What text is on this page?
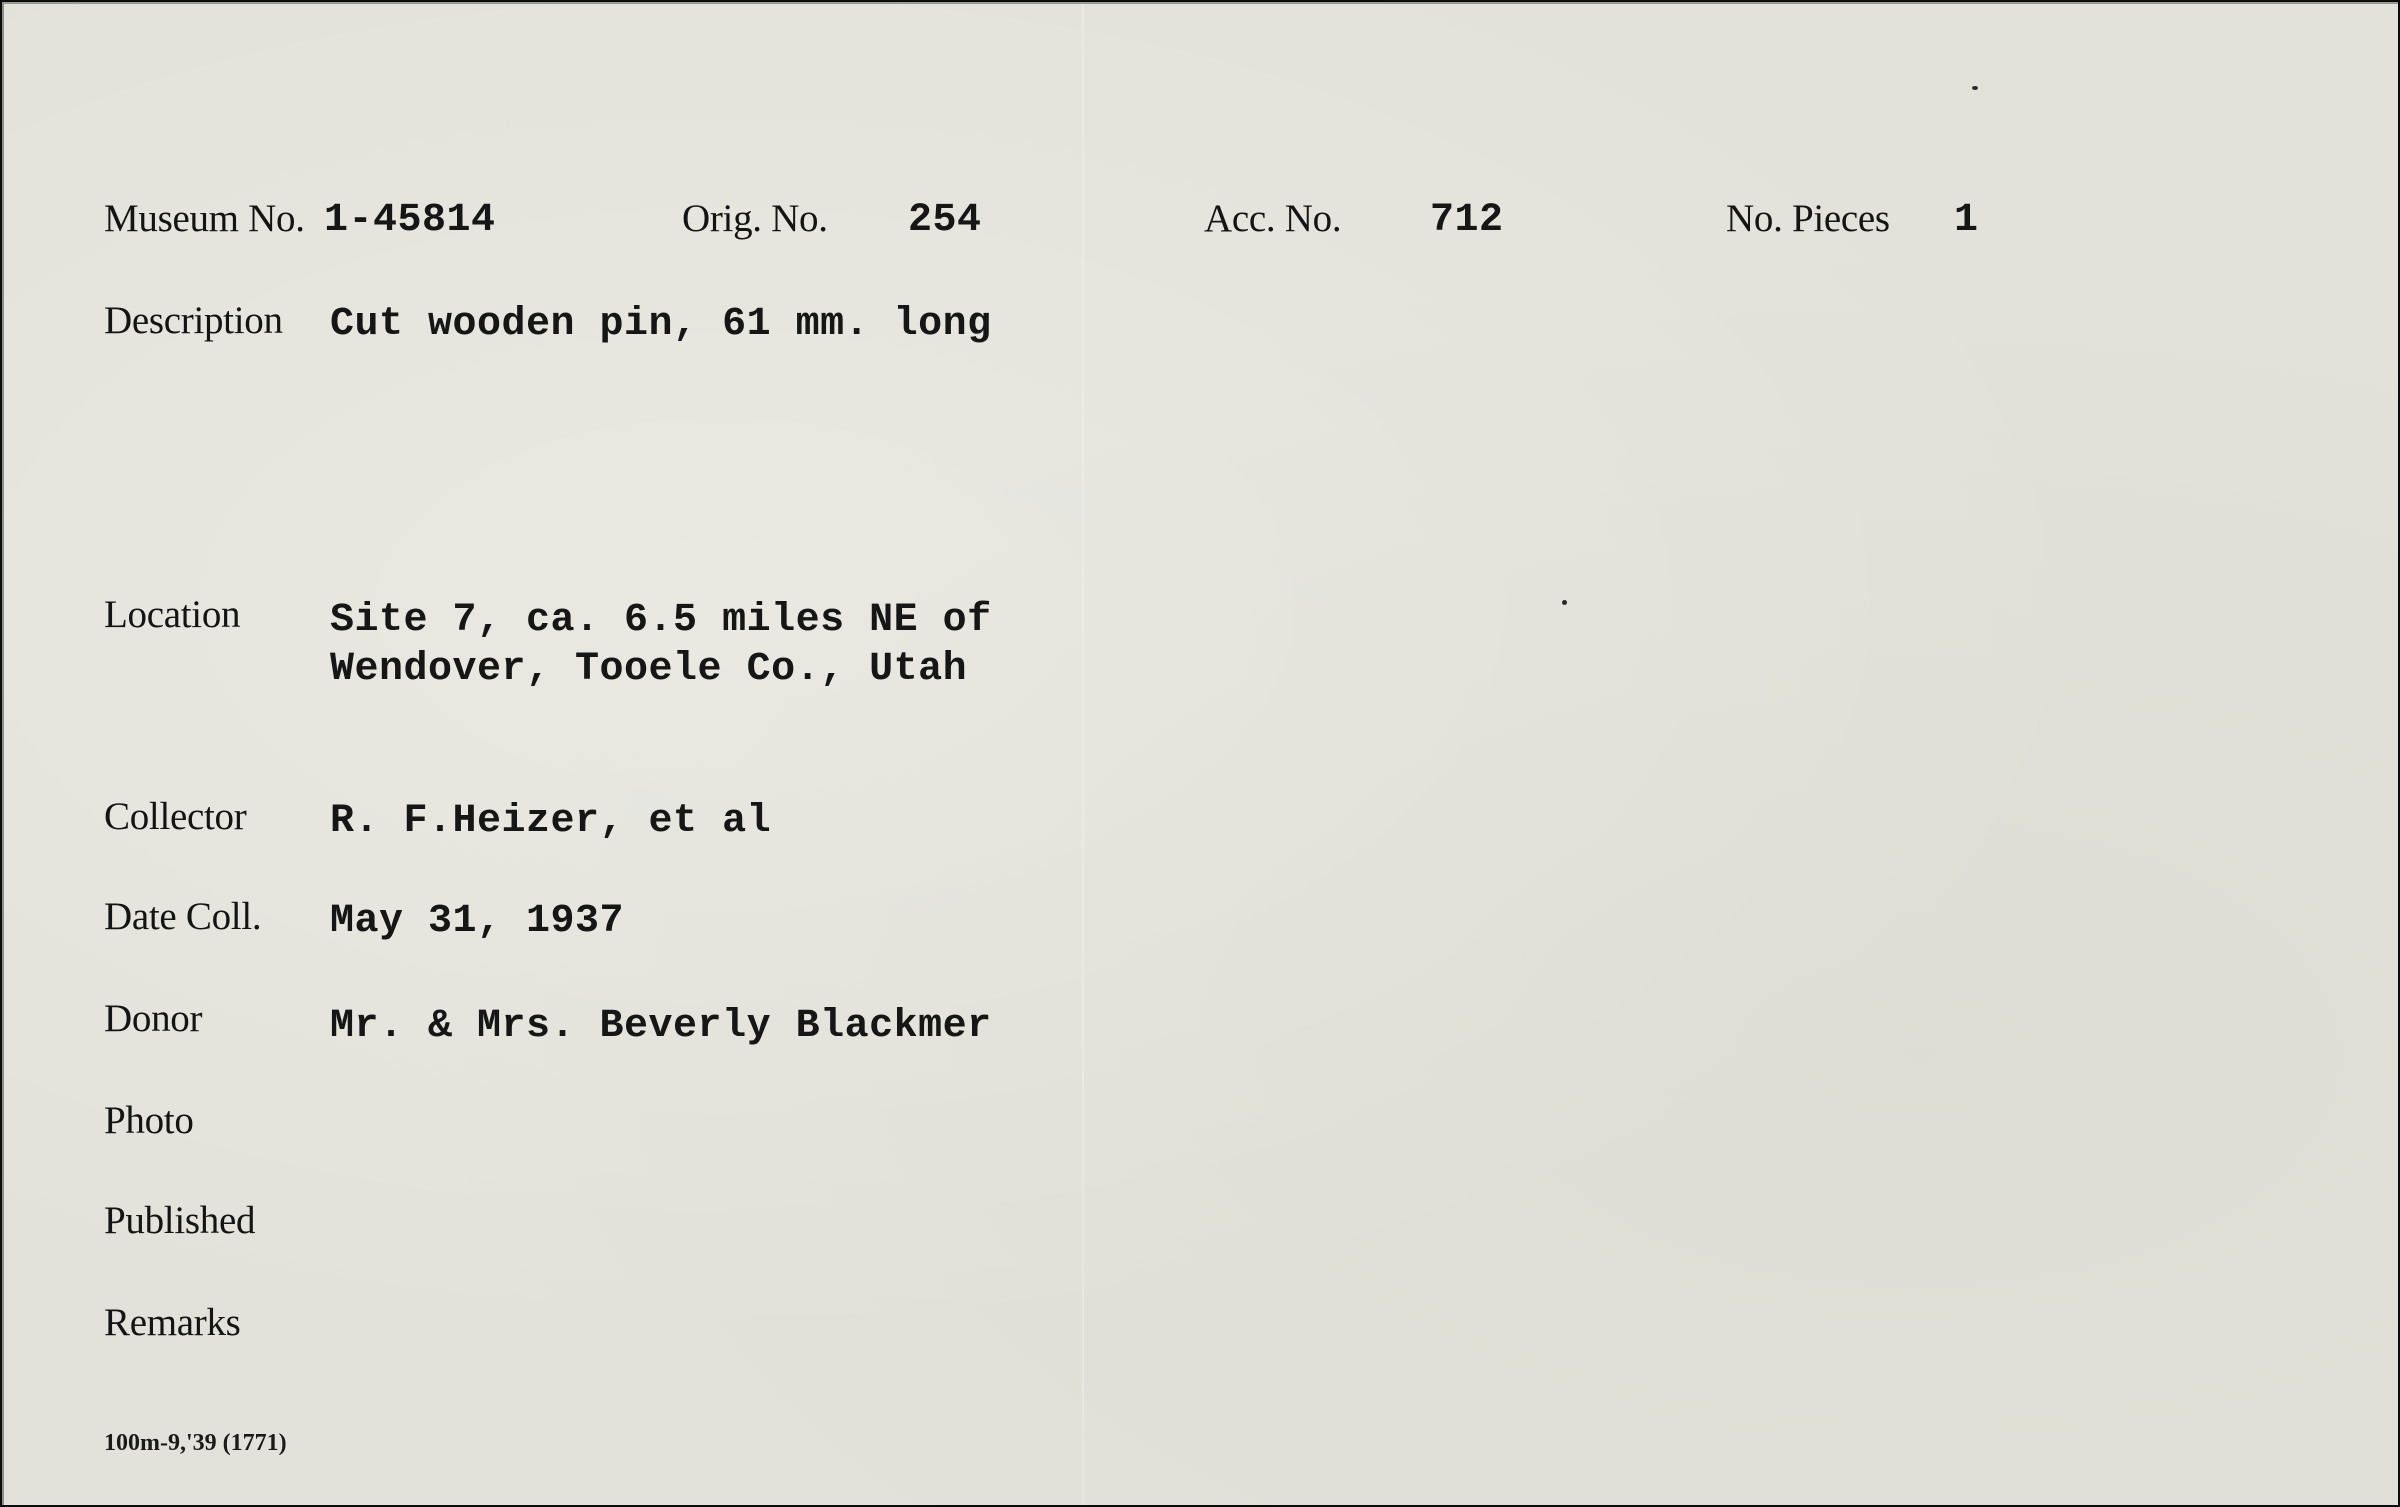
Museum No. 1-45814	Orig. No. 254	Acc. No. 712	No. Pieces 1
Description Cut wooden pin, 61 mm. long
Location Site 7, ca. 6.5 miles NE of
Wendover, Tooele Co., Utah
Collector R. F.Heizer, et al
Date Coll. May 31, 1937
Donor	Mr. & Mrs. Beverly Blackmer
Photo
Published
Remarks
100m-9,'39 (1771)
